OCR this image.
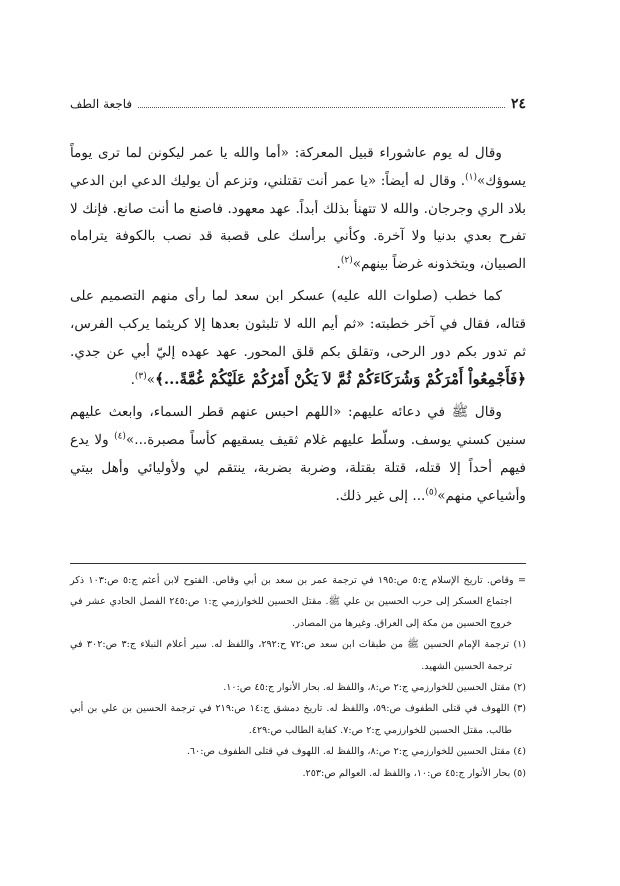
٢٤
فاجعة الطف

وقال له يوم عاشوراء قبيل المعركة: «أما والله يا عمر ليكونن لما ترى يوماً يسوؤك»$^{(١)}$. وقال له أيضاً: «يا عمر أنت تقتلني، وتزعم أن يوليك الدعي ابن الدعي بلاد الري وجرجان. والله لا تتهنأ بذلك أبداً. عهد معهود. فاصنع ما أنت صانع. فإنك لا تفرح بعدي بدنيا ولا آخرة. وكأني برأسك على قصبة قد نصب بالكوفة يتراماه الصبيان، ويتخذونه غرضاً بينهم»$^{(٢)}$.

كما خطب (صلوات الله عليه) عسكر ابن سعد لما رأى منهم التصميم على قتاله، فقال في آخر خطبته: «ثم أيم الله لا تلبثون بعدها إلا كريثما يركب الفرس، ثم تدور بكم دور الرحى، وتقلق بكم قلق المحور. عهد عهده إليّ أبي عن جدي. ﴿فَأَجْمِعُواْ أَمْرَكُمْ وَشُرَكَاءَكُمْ ثُمَّ لاَ يَكُنْ أَمْرُكُمْ عَلَيْكُمْ غُمَّةً...﴾»$^{(٣)}$.

وقال ﷺ في دعائه عليهم: «اللهم احبس عنهم قطر السماء، وابعث عليهم سنين كسني يوسف. وسلّط عليهم غلام ثقيف يسقيهم كأساً مصبرة...»$^{(٤)}$ ولا يدع فيهم أحداً إلا قتله، قتلة بقتلة، وضربة بضربة، ينتقم لي ولأوليائي وأهل بيتي وأشياعي منهم»$^{(٥)}$... إلى غير ذلك.

= وقاص. تاريخ الإسلام ج:٥ ص:١٩٥ في ترجمة عمر بن سعد بن أبي وقاص. الفتوح لابن أعثم ج:٥ ص:١٠٣ ذكر اجتماع العسكر إلى حرب الحسين بن علي ﷺ. مقتل الحسين للخوارزمي ج:١ ص:٢٤٥ الفصل الحادي عشر في خروج الحسين من مكة إلى العراق. وغيرها من المصادر.

(١) ترجمة الإمام الحسين ﷺ من طبقات ابن سعد ص:٧٢ ح:٢٩٢، واللفظ له. سير أعلام النبلاء ج:٣ ص:٣٠٢ في ترجمة الحسين الشهيد.

(٢) مقتل الحسين للخوارزمي ج:٢ ص:٨، واللفظ له. بحار الأنوار ج:٤٥ ص:١٠.

(٣) اللهوف في قتلى الطفوف ص:٥٩، واللفظ له. تاريخ دمشق ج:١٤ ص:٢١٩ في ترجمة الحسين بن علي بن أبي طالب. مقتل الحسين للخوارزمي ج:٢ ص:٧. كفاية الطالب ص:٤٢٩.

(٤) مقتل الحسين للخوارزمي ج:٢ ص:٨، واللفظ له. اللهوف في قتلى الطفوف ص:٦٠.

(٥) بحار الأنوار ج:٤٥ ص:١٠، واللفظ له. العوالم ص:٢٥٣.
